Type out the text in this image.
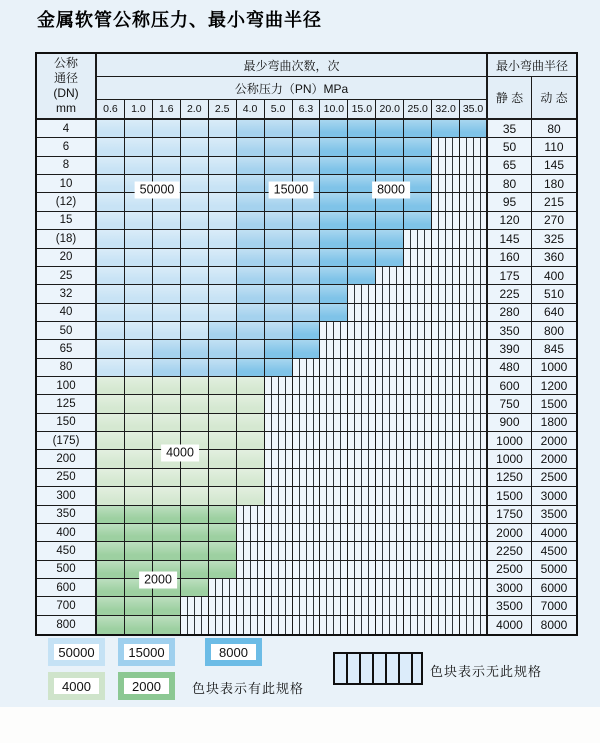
金属软管公称压力、最小弯曲半径
公称
通径
(DN)
mm
最少弯曲次数，次	最小弯曲半径
公称压力（PN）MPa
静 态	动 态
0.6	1.0	1.6	2.0	2.5	4.0	5.0	6.3 10.0 15.0 20.0 25.0 32.0 35.0
4	35	80
6	50	110
8	65	145
10	80	180
(12)	95	215
15	120	270
(18)	145	325
20	160	360
25	175	400
32	225	510
40	280	640
50	350	800
65	390	845
80	480	1000
100	600	1200
125	750	1500
150	900	1800
(175)	1000	2000
200	1000	2000
250	1250	2500
300	1500	3000
350	1750	3500
400	2000	4000
450	2250	4500
500	2500	5000
600	3000	6000
700	3500	7000
800	4000	8000
色块表示有此规格
色块表示无此规格
50000	15000	8000
4000
2000
50000	15000	8000
4000	2000
